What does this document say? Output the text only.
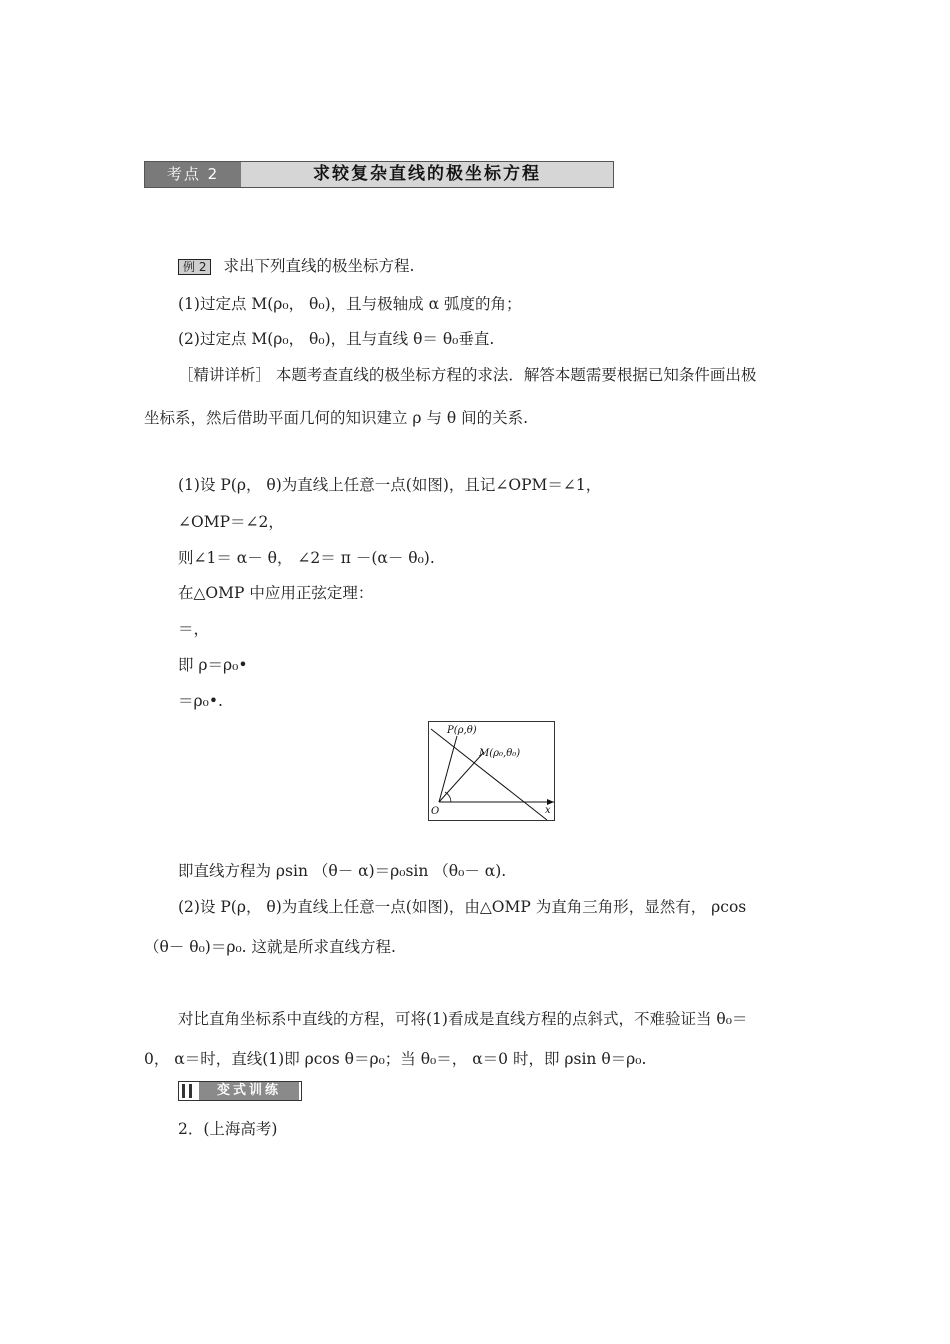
考点 2	求较复杂直线的极坐标方程
例 2 求出下列直线的极坐标方程.
(1)过定点 M(ρ₀， θ₀)，且与极轴成 α 弧度的角；
(2)过定点 M(ρ₀， θ₀)，且与直线 θ＝ θ₀垂直.
［精讲详析］ 本题考查直线的极坐标方程的求法．解答本题需要根据已知条件画出极
坐标系，然后借助平面几何的知识建立 ρ 与 θ 间的关系.
(1)设 P(ρ， θ)为直线上任意一点(如图)，且记∠OPM＝∠1，
∠OMP＝∠2，
则∠1＝ α－ θ， ∠2＝ π －(α－ θ₀).
在△OMP 中应用正弦定理：
＝，
即 ρ＝ρ₀•
＝ρ₀•.
P(ρ,θ)
M(ρ₀,θ₀)
O	x
即直线方程为 ρsin （θ－ α)＝ρ₀sin （θ₀－ α).
(2)设 P(ρ， θ)为直线上任意一点(如图)，由△OMP 为直角三角形，显然有， ρcos
（θ－ θ₀)＝ρ₀. 这就是所求直线方程.
对比直角坐标系中直线的方程，可将(1)看成是直线方程的点斜式，不难验证当 θ₀＝
0， α＝时，直线(1)即 ρcos θ＝ρ₀；当 θ₀＝， α＝0 时，即 ρsin θ＝ρ₀.
变式训练
2．(上海高考)
